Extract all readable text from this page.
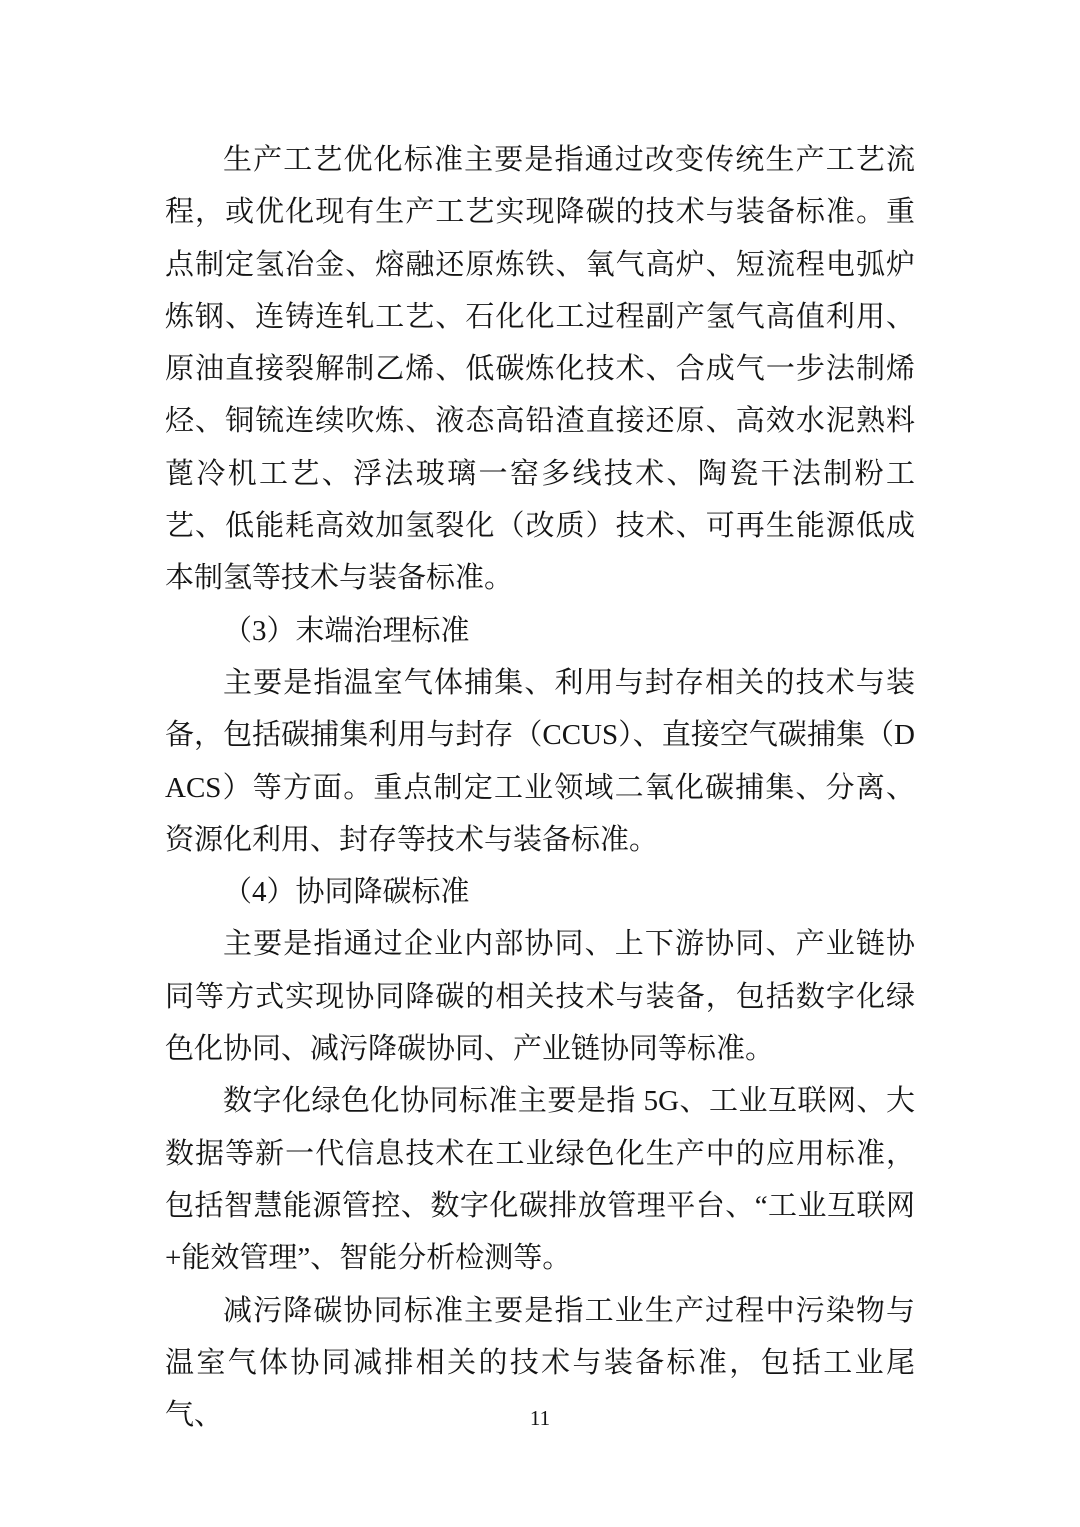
生产工艺优化标准主要是指通过改变传统生产工艺流程，或优化现有生产工艺实现降碳的技术与装备标准。重点制定氢冶金、熔融还原炼铁、氧气高炉、短流程电弧炉炼钢、连铸连轧工艺、石化化工过程副产氢气高值利用、原油直接裂解制乙烯、低碳炼化技术、合成气一步法制烯烃、铜锍连续吹炼、液态高铅渣直接还原、高效水泥熟料蓖冷机工艺、浮法玻璃一窑多线技术、陶瓷干法制粉工艺、低能耗高效加氢裂化（改质）技术、可再生能源低成本制氢等技术与装备标准。

（3）末端治理标准

主要是指温室气体捕集、利用与封存相关的技术与装备，包括碳捕集利用与封存（CCUS）、直接空气碳捕集（DACS）等方面。重点制定工业领域二氧化碳捕集、分离、资源化利用、封存等技术与装备标准。

（4）协同降碳标准

主要是指通过企业内部协同、上下游协同、产业链协同等方式实现协同降碳的相关技术与装备，包括数字化绿色化协同、减污降碳协同、产业链协同等标准。

数字化绿色化协同标准主要是指 5G、工业互联网、大数据等新一代信息技术在工业绿色化生产中的应用标准，包括智慧能源管控、数字化碳排放管理平台、“工业互联网+能效管理”、智能分析检测等。

减污降碳协同标准主要是指工业生产过程中污染物与温室气体协同减排相关的技术与装备标准，包括工业尾气、	11
